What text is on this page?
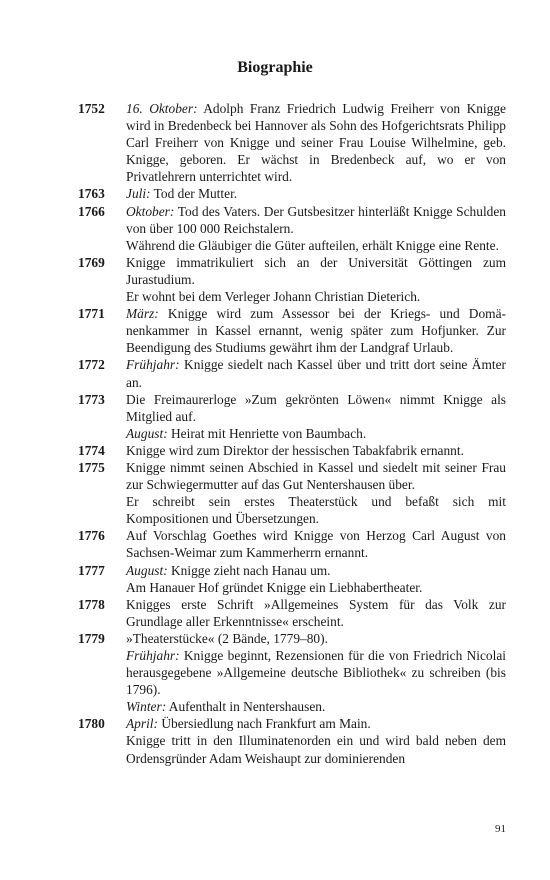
Biographie
1752	16. Oktober: Adolph Franz Friedrich Ludwig Freiherr von Knigge wird in Bredenbeck bei Hannover als Sohn des Hofgerichtsrats Philipp Carl Freiherr von Knigge und seiner Frau Louise Wilhelmine, geb. Knigge, geboren. Er wächst in Bredenbeck auf, wo er von Privatlehrern unterrichtet wird.
1763	Juli: Tod der Mutter.
1766	Oktober: Tod des Vaters. Der Gutsbesitzer hinterläßt Knigge Schulden von über 100 000 Reichstalern.
Während die Gläubiger die Güter aufteilen, erhält Knigge eine Rente.
1769	Knigge immatrikuliert sich an der Universität Göttingen zum Jurastudium.
Er wohnt bei dem Verleger Johann Christian Dieterich.
1771	März: Knigge wird zum Assessor bei der Kriegs- und Domänenkammer in Kassel ernannt, wenig später zum Hofjunker. Zur Beendigung des Studiums gewährt ihm der Landgraf Urlaub.
1772	Frühjahr: Knigge siedelt nach Kassel über und tritt dort seine Ämter an.
1773	Die Freimaurerloge »Zum gekrönten Löwen« nimmt Knigge als Mitglied auf.
August: Heirat mit Henriette von Baumbach.
1774	Knigge wird zum Direktor der hessischen Tabakfabrik ernannt.
1775	Knigge nimmt seinen Abschied in Kassel und siedelt mit seiner Frau zur Schwiegermutter auf das Gut Nentershausen über.
Er schreibt sein erstes Theaterstück und befaßt sich mit Kompositionen und Übersetzungen.
1776	Auf Vorschlag Goethes wird Knigge von Herzog Carl August von Sachsen-Weimar zum Kammerherrn ernannt.
1777	August: Knigge zieht nach Hanau um.
Am Hanauer Hof gründet Knigge ein Liebhabertheater.
1778	Knigges erste Schrift »Allgemeines System für das Volk zur Grundlage aller Erkenntnisse« erscheint.
1779	»Theaterstücke« (2 Bände, 1779–80).
Frühjahr: Knigge beginnt, Rezensionen für die von Friedrich Nicolai herausgegebene »Allgemeine deutsche Bibliothek« zu schreiben (bis 1796).
Winter: Aufenthalt in Nentershausen.
1780	April: Übersiedlung nach Frankfurt am Main.
Knigge tritt in den Illuminatenorden ein und wird bald neben dem Ordensgründer Adam Weishaupt zur dominierenden
91
